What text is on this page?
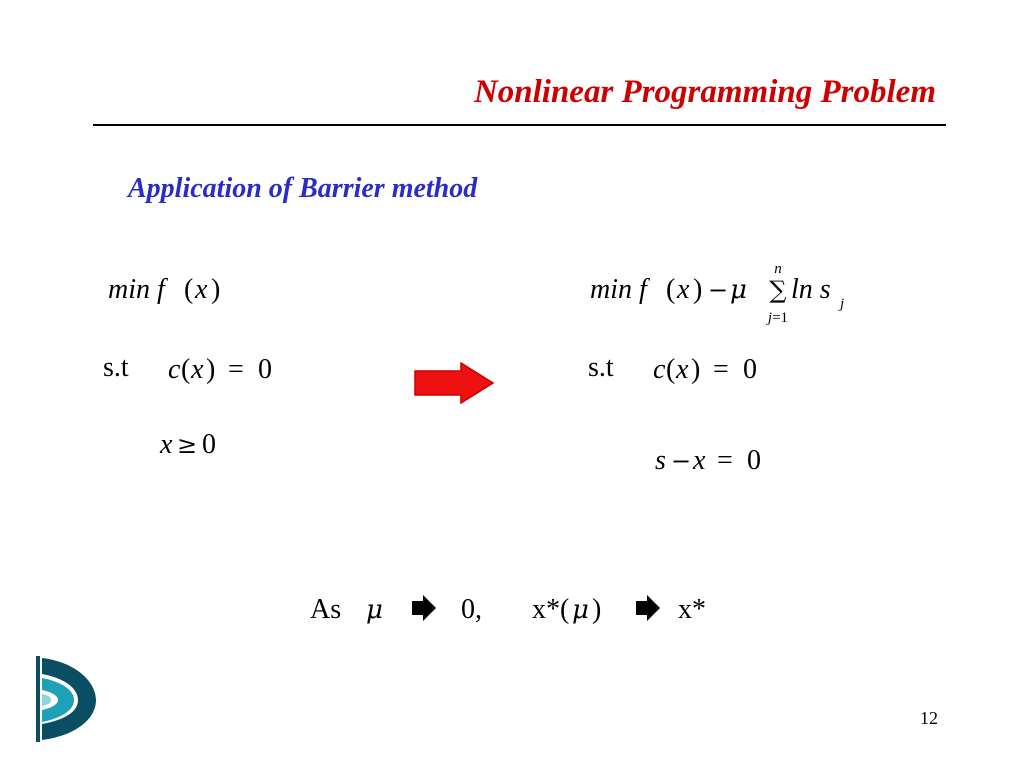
Nonlinear Programming Problem
Application of Barrier method
min f ( x )
s.t c ( x ) = 0
x ≥ 0
min f ( x ) − μ
n
∑
j=1
ln s j
s.t c ( x ) = 0
s − x = 0
As μ	0, x*( μ )	x*
12
